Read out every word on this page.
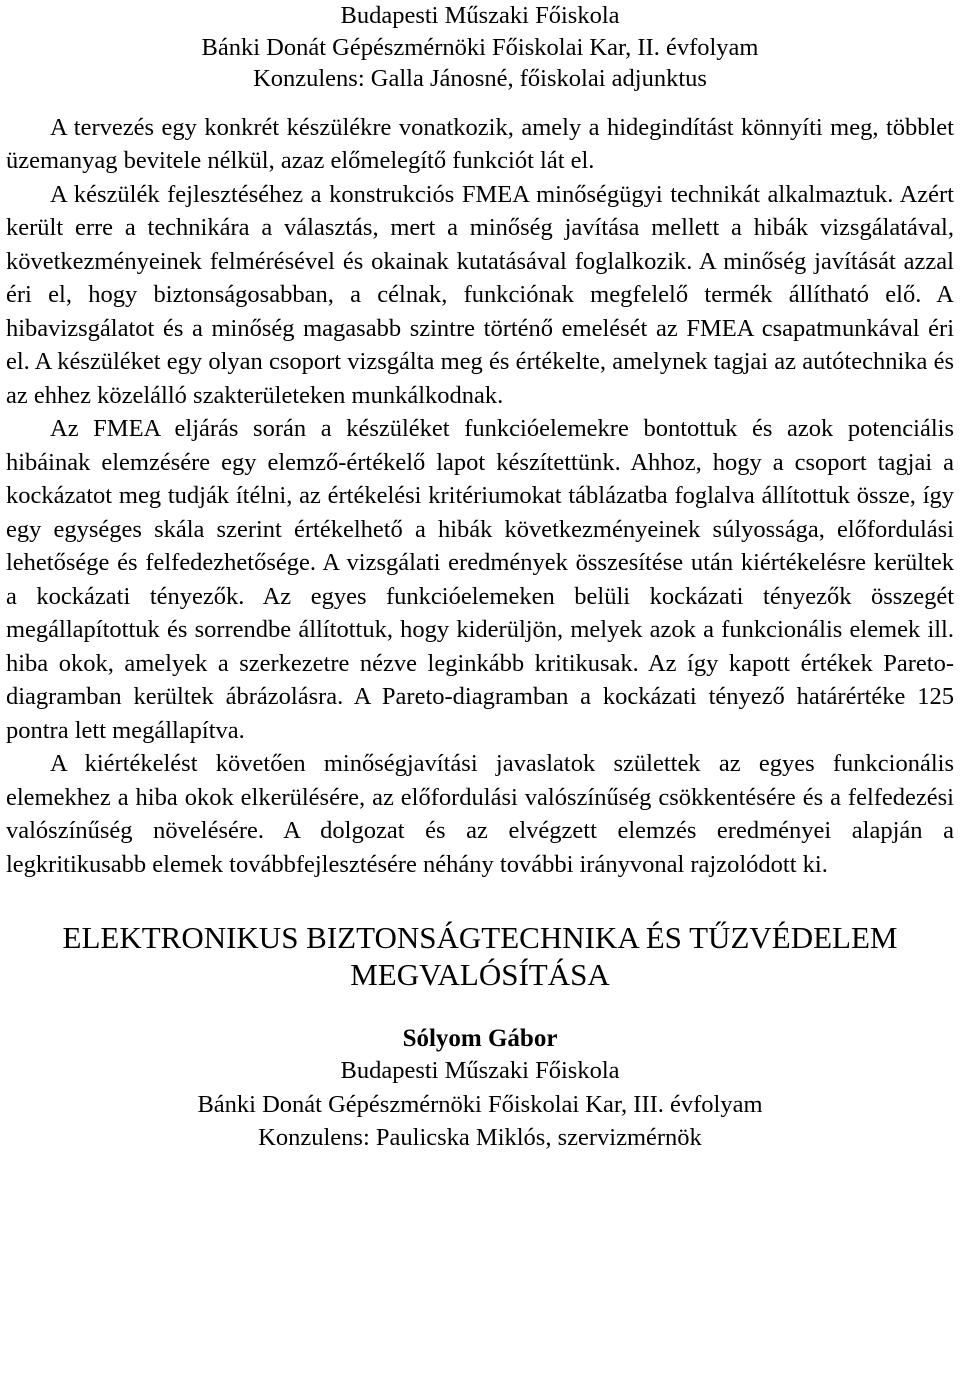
Budapesti Műszaki Főiskola
Bánki Donát Gépészmérnöki Főiskolai Kar, II. évfolyam
Konzulens: Galla Jánosné, főiskolai adjunktus

A tervezés egy konkrét készülékre vonatkozik, amely a hidegindítást könnyíti meg, többlet üzemanyag bevitele nélkül, azaz előmelegítő funkciót lát el.

A készülék fejlesztéséhez a konstrukciós FMEA minőségügyi technikát alkalmaztuk. Azért került erre a technikára a választás, mert a minőség javítása mellett a hibák vizsgálatával, következményeinek felmérésével és okainak kutatásával foglalkozik. A minőség javítását azzal éri el, hogy biztonságosabban, a célnak, funkciónak megfelelő termék állítható elő. A hibavizsgálatot és a minőség magasabb szintre történő emelését az FMEA csapatmunkával éri el. A készüléket egy olyan csoport vizsgálta meg és értékelte, amelynek tagjai az autótechnika és az ehhez közelálló szakterületeken munkálkodnak.

Az FMEA eljárás során a készüléket funkcióelemekre bontottuk és azok potenciális hibáinak elemzésére egy elemző-értékelő lapot készítettünk. Ahhoz, hogy a csoport tagjai a kockázatot meg tudják ítélni, az értékelési kritériumokat táblázatba foglalva állítottuk össze, így egy egységes skála szerint értékelhető a hibák következményeinek súlyossága, előfordulási lehetősége és felfedezhetősége. A vizsgálati eredmények összesítése után kiértékelésre kerültek a kockázati tényezők. Az egyes funkcióelemeken belüli kockázati tényezők összegét megállapítottuk és sorrendbe állítottuk, hogy kiderüljön, melyek azok a funkcionális elemek ill. hiba okok, amelyek a szerkezetre nézve leginkább kritikusak. Az így kapott értékek Pareto-diagramban kerültek ábrázolásra. A Pareto-diagramban a kockázati tényező határértéke 125 pontra lett megállapítva.

A kiértékelést követően minőségjavítási javaslatok születtek az egyes funkcionális elemekhez a hiba okok elkerülésére, az előfordulási valószínűség csökkentésére és a felfedezési valószínűség növelésére. A dolgozat és az elvégzett elemzés eredményei alapján a legkritikusabb elemek továbbfejlesztésére néhány további irányvonal rajzolódott ki.

ELEKTRONIKUS BIZTONSÁGTECHNIKA ÉS TŰZVÉDELEM
MEGVALÓSÍTÁSA
Sólyom Gábor
Budapesti Műszaki Főiskola
Bánki Donát Gépészmérnöki Főiskolai Kar, III. évfolyam
Konzulens: Paulicska Miklós, szervizmérnök
